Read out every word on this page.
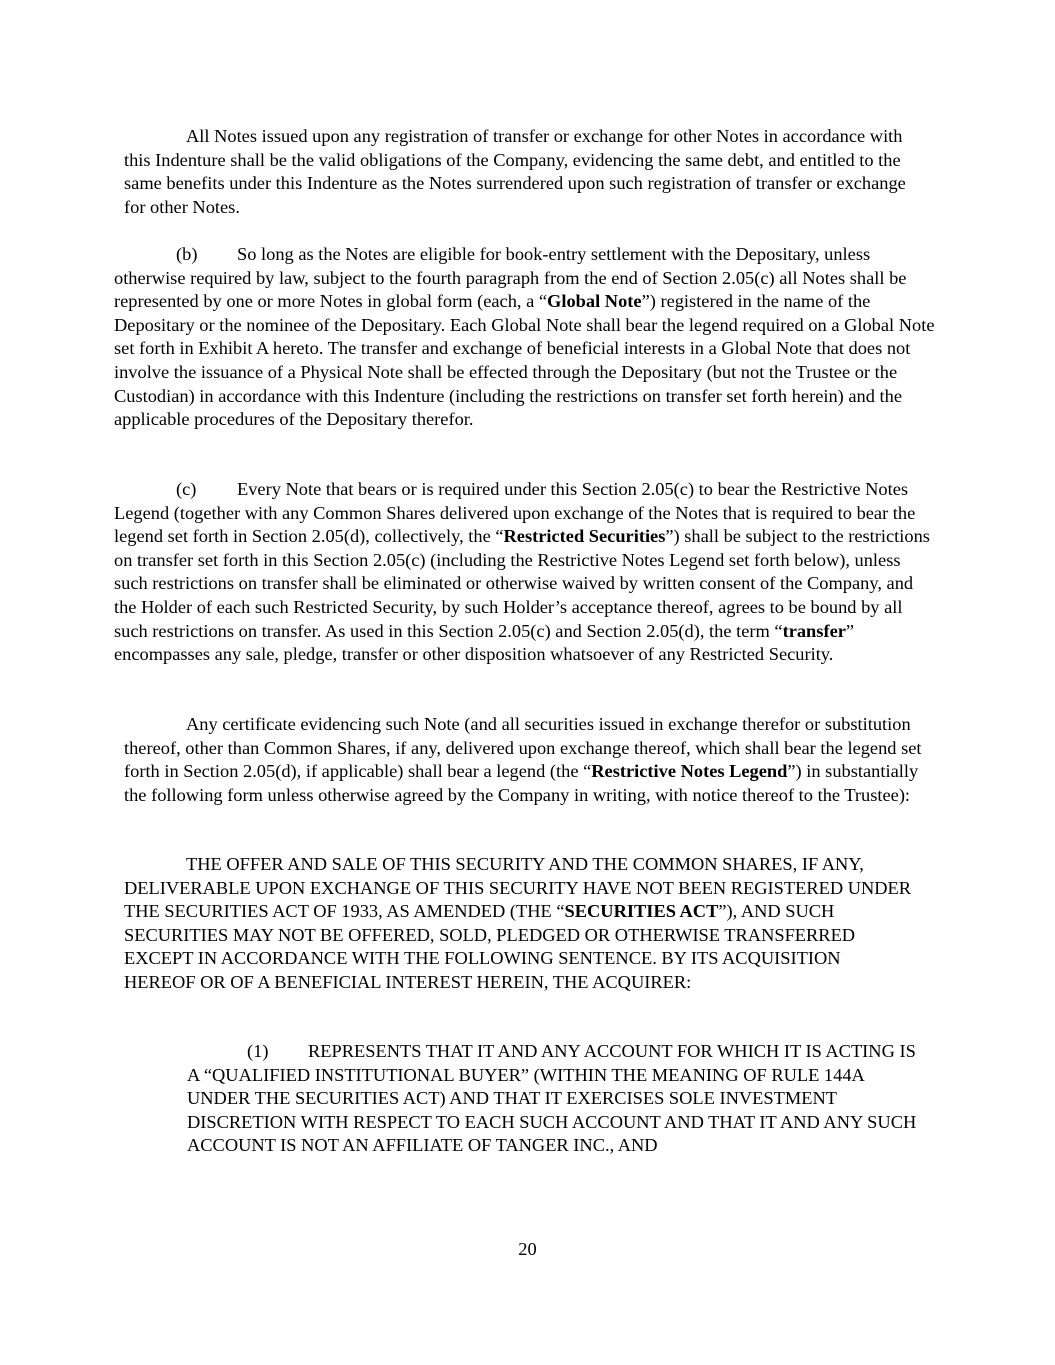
All Notes issued upon any registration of transfer or exchange for other Notes in accordance with this Indenture shall be the valid obligations of the Company, evidencing the same debt, and entitled to the same benefits under this Indenture as the Notes surrendered upon such registration of transfer or exchange for other Notes.

(b) So long as the Notes are eligible for book-entry settlement with the Depositary, unless otherwise required by law, subject to the fourth paragraph from the end of Section 2.05(c) all Notes shall be represented by one or more Notes in global form (each, a “Global Note”) registered in the name of the Depositary or the nominee of the Depositary. Each Global Note shall bear the legend required on a Global Note set forth in Exhibit A hereto. The transfer and exchange of beneficial interests in a Global Note that does not involve the issuance of a Physical Note shall be effected through the Depositary (but not the Trustee or the Custodian) in accordance with this Indenture (including the restrictions on transfer set forth herein) and the applicable procedures of the Depositary therefor.

(c) Every Note that bears or is required under this Section 2.05(c) to bear the Restrictive Notes Legend (together with any Common Shares delivered upon exchange of the Notes that is required to bear the legend set forth in Section 2.05(d), collectively, the “Restricted Securities”) shall be subject to the restrictions on transfer set forth in this Section 2.05(c) (including the Restrictive Notes Legend set forth below), unless such restrictions on transfer shall be eliminated or otherwise waived by written consent of the Company, and the Holder of each such Restricted Security, by such Holder’s acceptance thereof, agrees to be bound by all such restrictions on transfer. As used in this Section 2.05(c) and Section 2.05(d), the term “transfer” encompasses any sale, pledge, transfer or other disposition whatsoever of any Restricted Security.

Any certificate evidencing such Note (and all securities issued in exchange therefor or substitution thereof, other than Common Shares, if any, delivered upon exchange thereof, which shall bear the legend set forth in Section 2.05(d), if applicable) shall bear a legend (the “Restrictive Notes Legend”) in substantially the following form unless otherwise agreed by the Company in writing, with notice thereof to the Trustee):

THE OFFER AND SALE OF THIS SECURITY AND THE COMMON SHARES, IF ANY, DELIVERABLE UPON EXCHANGE OF THIS SECURITY HAVE NOT BEEN REGISTERED UNDER THE SECURITIES ACT OF 1933, AS AMENDED (THE “SECURITIES ACT”), AND SUCH SECURITIES MAY NOT BE OFFERED, SOLD, PLEDGED OR OTHERWISE TRANSFERRED EXCEPT IN ACCORDANCE WITH THE FOLLOWING SENTENCE. BY ITS ACQUISITION HEREOF OR OF A BENEFICIAL INTEREST HEREIN, THE ACQUIRER:

(1) REPRESENTS THAT IT AND ANY ACCOUNT FOR WHICH IT IS ACTING IS A “QUALIFIED INSTITUTIONAL BUYER” (WITHIN THE MEANING OF RULE 144A UNDER THE SECURITIES ACT) AND THAT IT EXERCISES SOLE INVESTMENT DISCRETION WITH RESPECT TO EACH SUCH ACCOUNT AND THAT IT AND ANY SUCH ACCOUNT IS NOT AN AFFILIATE OF TANGER INC., AND

20
